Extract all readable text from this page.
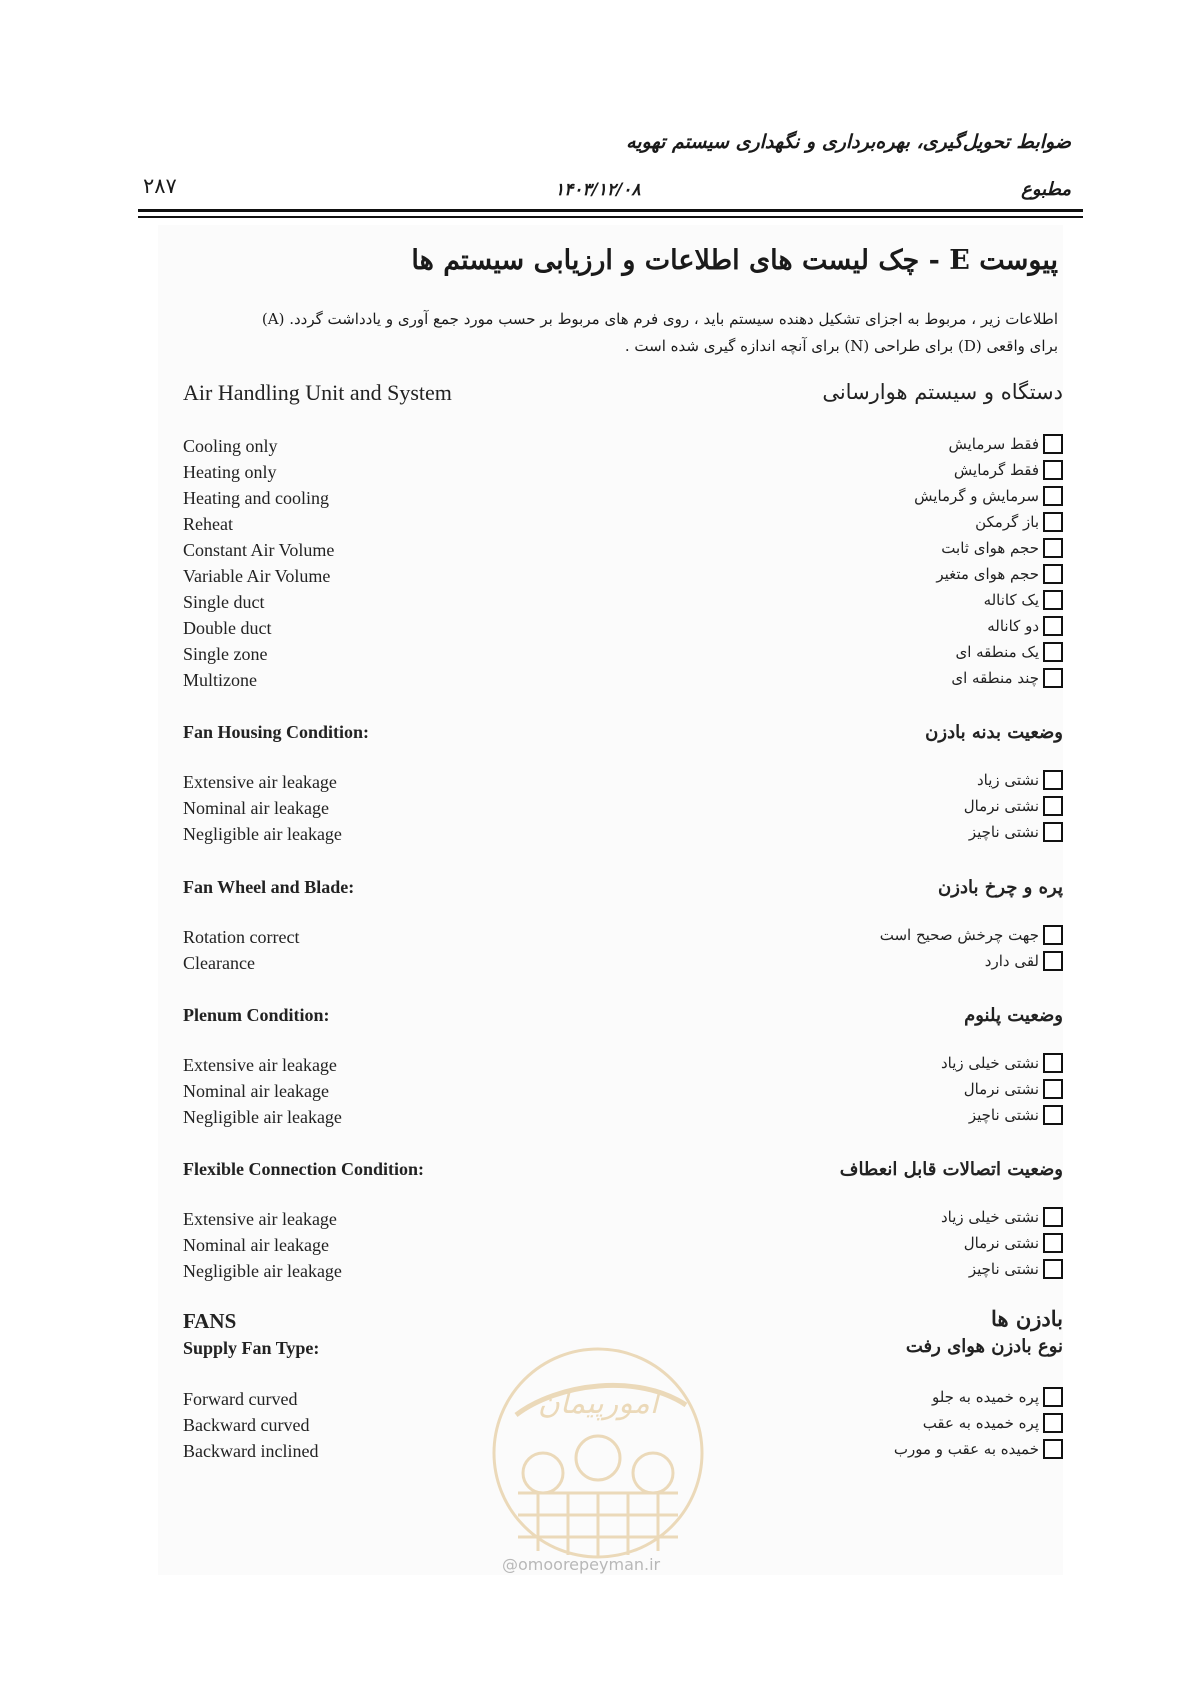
ضوابط تحویل‌گیری، بهره‌برداری و نگهداری سیستم تهویه
۲۸۷	۱۴۰۳/۱۲/۰۸	مطبوع
پیوست E - چک لیست های اطلاعات و ارزیابی سیستم ها
اطلاعات زیر ، مربوط به اجزای تشکیل دهنده سیستم باید ، روی فرم های مربوط بر حسب مورد جمع آوری و یادداشت گردد. (A)
برای واقعی (D) برای طراحی (N) برای آنچه اندازه گیری شده است .
Air Handling Unit and System	دستگاه و سیستم هوارسانی
Cooling only	فقط سرمایش
Heating only	فقط گرمایش
Heating and cooling	سرمایش و گرمایش
Reheat	باز گرمکن
Constant Air Volume	حجم هوای ثابت
Variable Air Volume	حجم هوای متغیر
Single duct	یک کاناله
Double duct	دو کاناله
Single zone	یک منطقه ای
Multizone	چند منطقه ای
Fan Housing Condition:	وضعیت بدنه بادزن
Extensive air leakage	نشتی زیاد
Nominal air leakage	نشتی نرمال
Negligible air leakage	نشتی ناچیز
Fan Wheel and Blade:	پره و چرخ بادزن
Rotation correct	جهت چرخش صحیح است
Clearance	لقی دارد
Plenum Condition:	وضعیت پلنوم
Extensive air leakage	نشتی خیلی زیاد
Nominal air leakage	نشتی نرمال
Negligible air leakage	نشتی ناچیز
Flexible Connection Condition:	وضعیت اتصالات قابل انعطاف
Extensive air leakage	نشتی خیلی زیاد
Nominal air leakage	نشتی نرمال
Negligible air leakage	نشتی ناچیز
FANS	بادزن ها
Supply Fan Type:	نوع بادزن هوای رفت
Forward curved	پره خمیده به جلو
Backward curved	پره خمیده به عقب
Backward inclined	خمیده به عقب و مورب
امورپیمان
@omoorepeyman.ir
